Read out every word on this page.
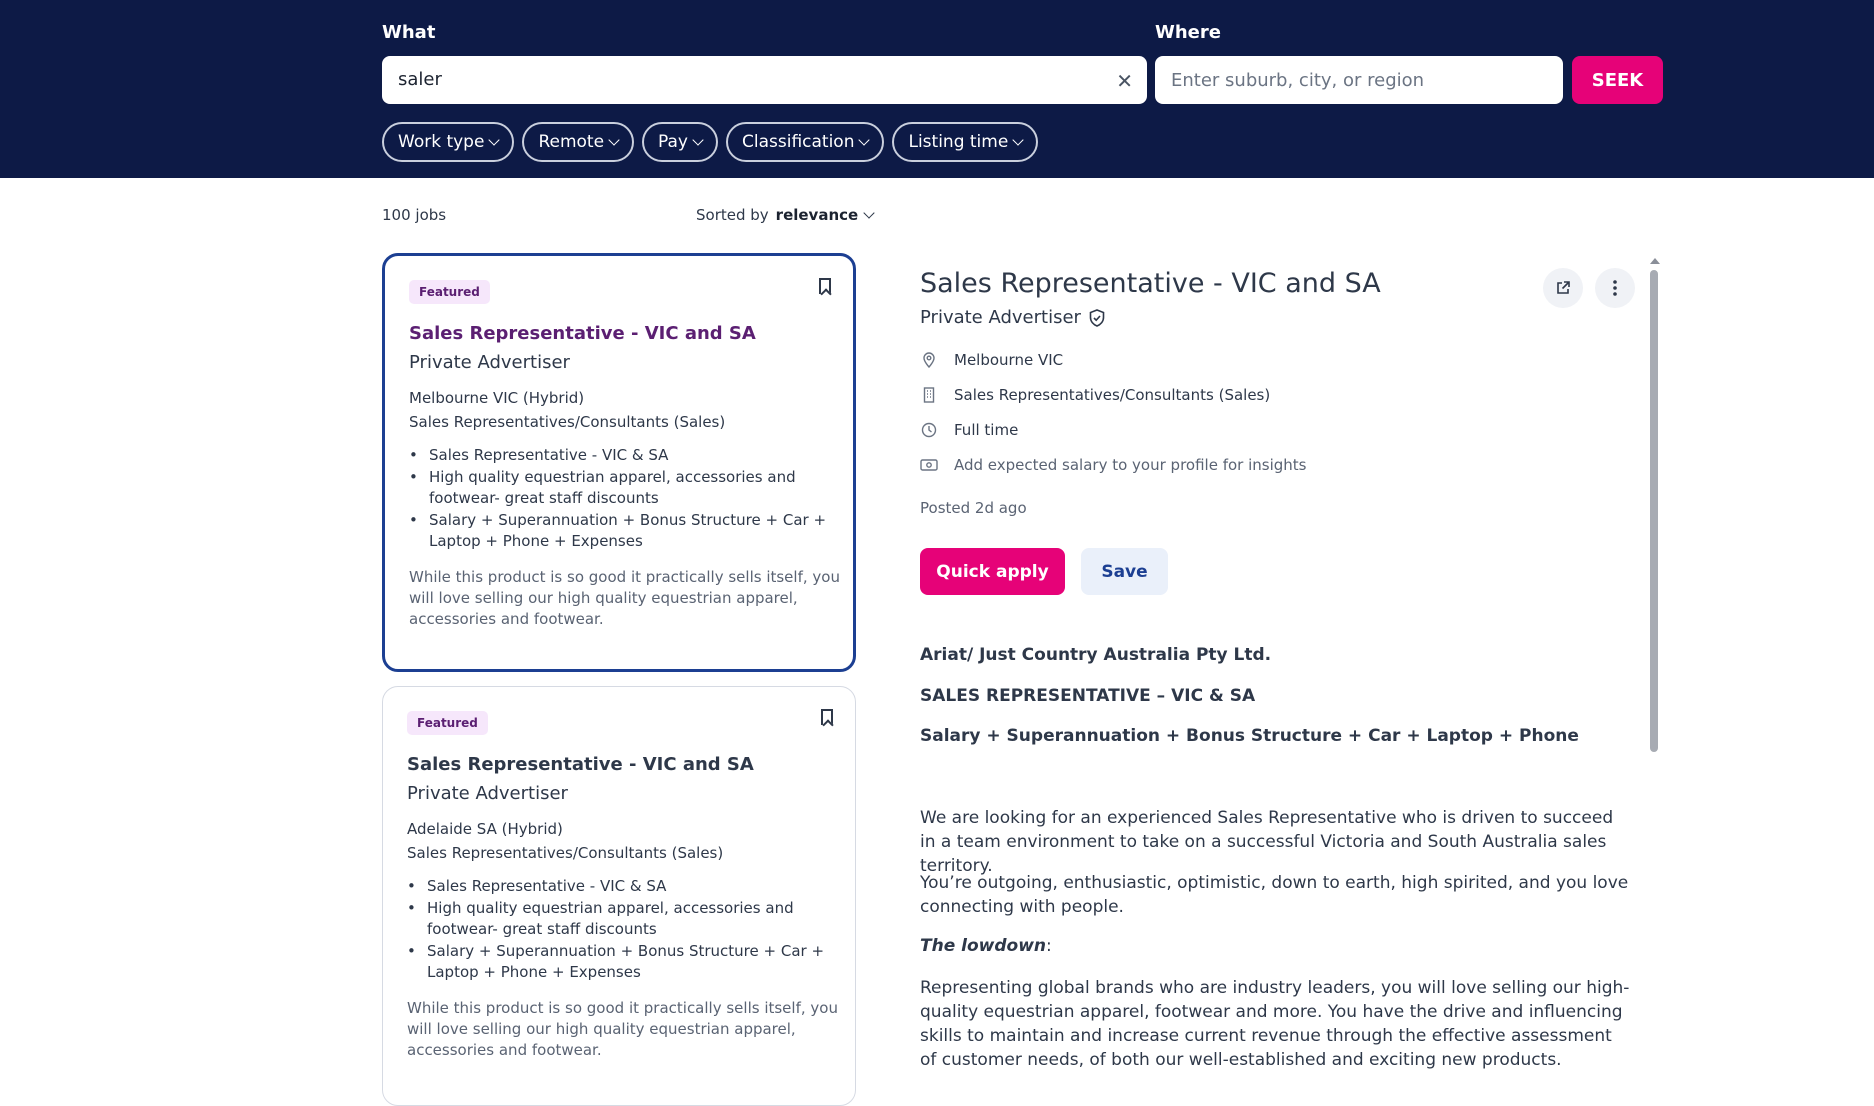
What	Where
saler	✕
Enter suburb, city, or region	SEEK
Work type	Remote	Pay	Classification	Listing time
100 jobs	Sorted by relevance
Featured
Sales Representative - VIC and SA
Private Advertiser
Melbourne VIC (Hybrid)
Sales Representatives/Consultants (Sales)
• Sales Representative - VIC & SA
• High quality equestrian apparel, accessories and footwear- great staff discounts
• Salary + Superannuation + Bonus Structure + Car + Laptop + Phone + Expenses
While this product is so good it practically sells itself, you will love selling our high quality equestrian apparel, accessories and footwear.
Featured
Sales Representative - VIC and SA
Private Advertiser
Adelaide SA (Hybrid)
Sales Representatives/Consultants (Sales)
• Sales Representative - VIC & SA
• High quality equestrian apparel, accessories and footwear- great staff discounts
• Salary + Superannuation + Bonus Structure + Car + Laptop + Phone + Expenses
While this product is so good it practically sells itself, you will love selling our high quality equestrian apparel, accessories and footwear.
Sales Representative - VIC and SA
Private Advertiser
Melbourne VIC
Sales Representatives/Consultants (Sales)
Full time
Add expected salary to your profile for insights
Posted 2d ago
Quick apply	Save
Ariat/ Just Country Australia Pty Ltd.
SALES REPRESENTATIVE – VIC & SA
Salary + Superannuation + Bonus Structure + Car + Laptop + Phone
We are looking for an experienced Sales Representative who is driven to succeed in a team environment to take on a successful Victoria and South Australia sales territory.
You’re outgoing, enthusiastic, optimistic, down to earth, high spirited, and you love connecting with people.
The lowdown:
Representing global brands who are industry leaders, you will love selling our high-quality equestrian apparel, footwear and more. You have the drive and influencing skills to maintain and increase current revenue through the effective assessment of customer needs, of both our well-established and exciting new products.
